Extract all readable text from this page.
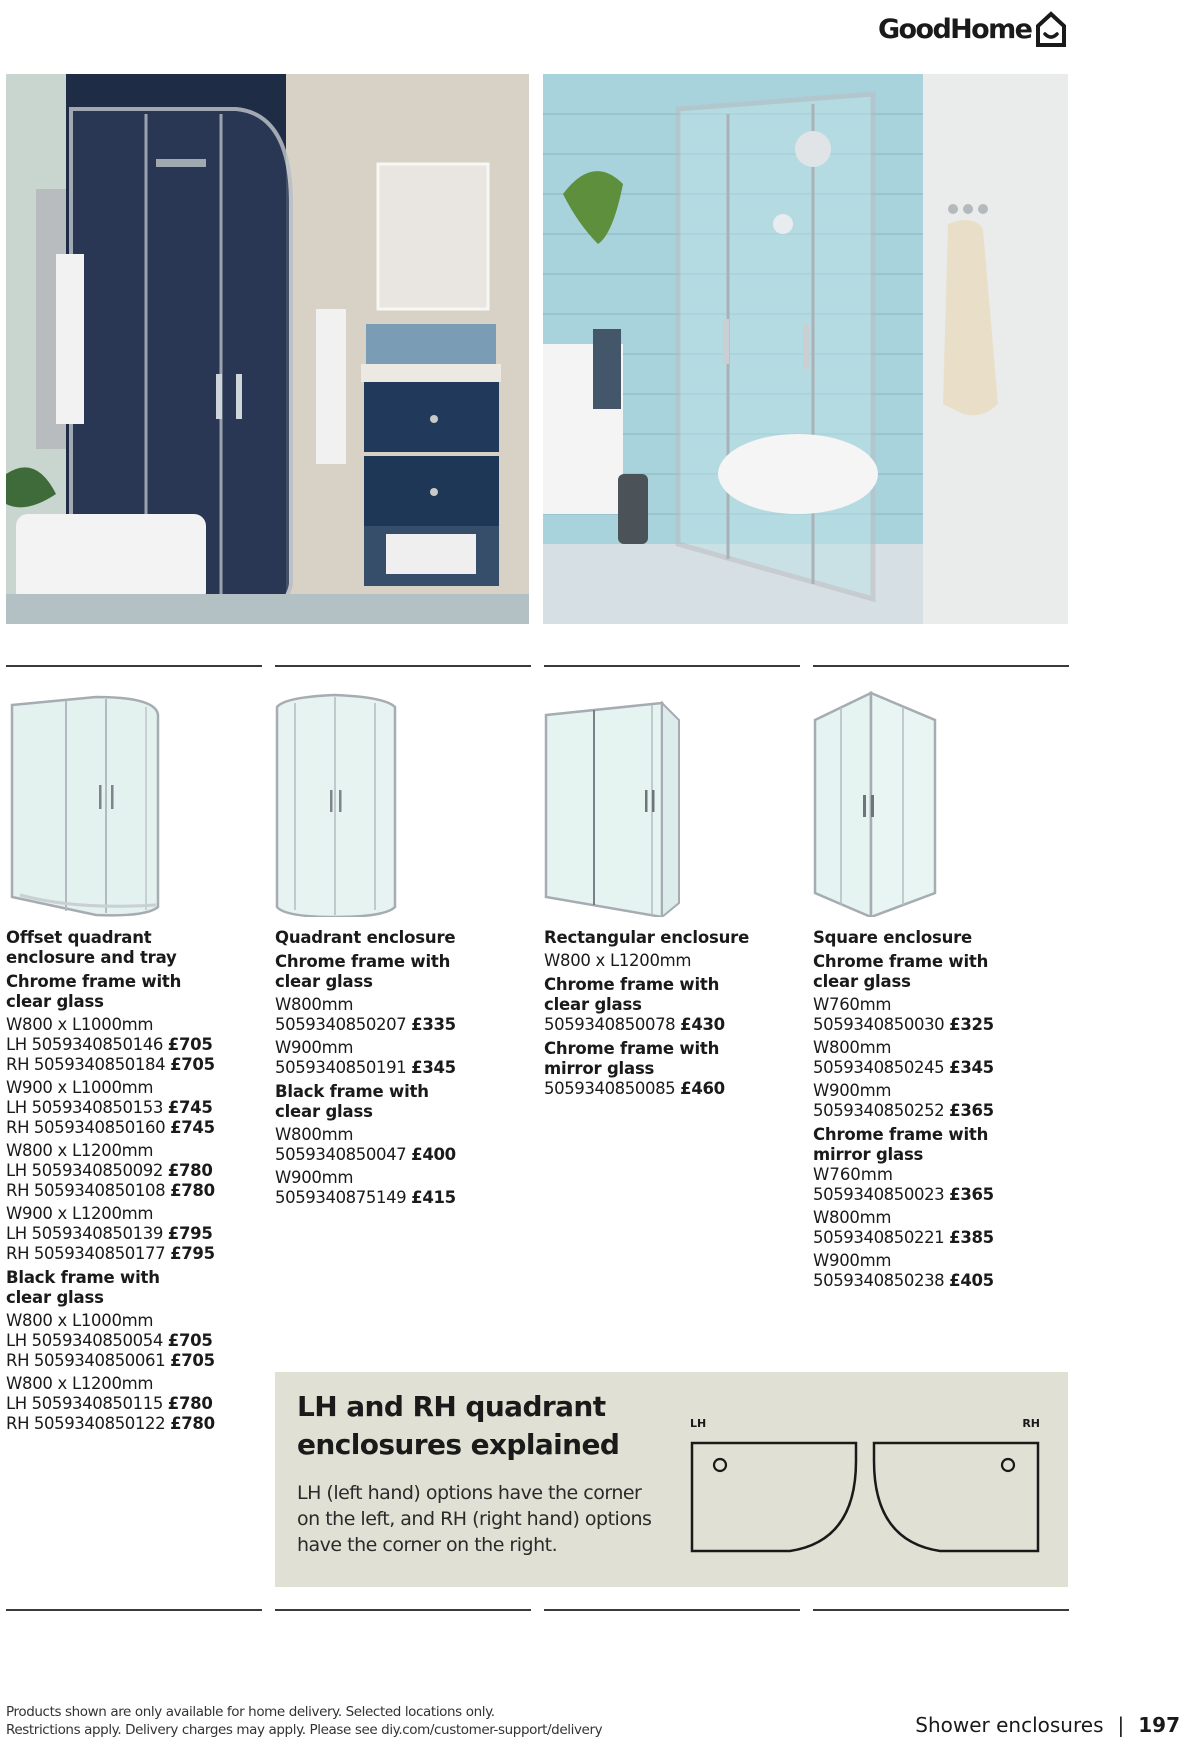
GoodHome
Offset quadrant
enclosure and tray
Chrome frame with
clear glass
W800 x L1000mm
LH 5059340850146 £705
RH 5059340850184 £705
W900 x L1000mm
LH 5059340850153 £745
RH 5059340850160 £745
W800 x L1200mm
LH 5059340850092 £780
RH 5059340850108 £780
W900 x L1200mm
LH 5059340850139 £795
RH 5059340850177 £795
Black frame with
clear glass
W800 x L1000mm
LH 5059340850054 £705
RH 5059340850061 £705
W800 x L1200mm
LH 5059340850115 £780
RH 5059340850122 £780
Quadrant enclosure
Chrome frame with
clear glass
W800mm
5059340850207 £335
W900mm
5059340850191 £345
Black frame with
clear glass
W800mm
5059340850047 £400
W900mm
5059340875149 £415
Rectangular enclosure
W800 x L1200mm
Chrome frame with
clear glass
5059340850078 £430
Chrome frame with
mirror glass
5059340850085 £460
Square enclosure
Chrome frame with
clear glass
W760mm
5059340850030 £325
W800mm
5059340850245 £345
W900mm
5059340850252 £365
Chrome frame with
mirror glass
W760mm
5059340850023 £365
W800mm
5059340850221 £385
W900mm
5059340850238 £405
LH and RH quadrant
enclosures explained
LH (left hand) options have the corner on the left, and RH (right hand) options have the corner on the right.
LH	RH
Products shown are only available for home delivery. Selected locations only.
Restrictions apply. Delivery charges may apply. Please see diy.com/customer-support/delivery	Shower enclosures | 197
